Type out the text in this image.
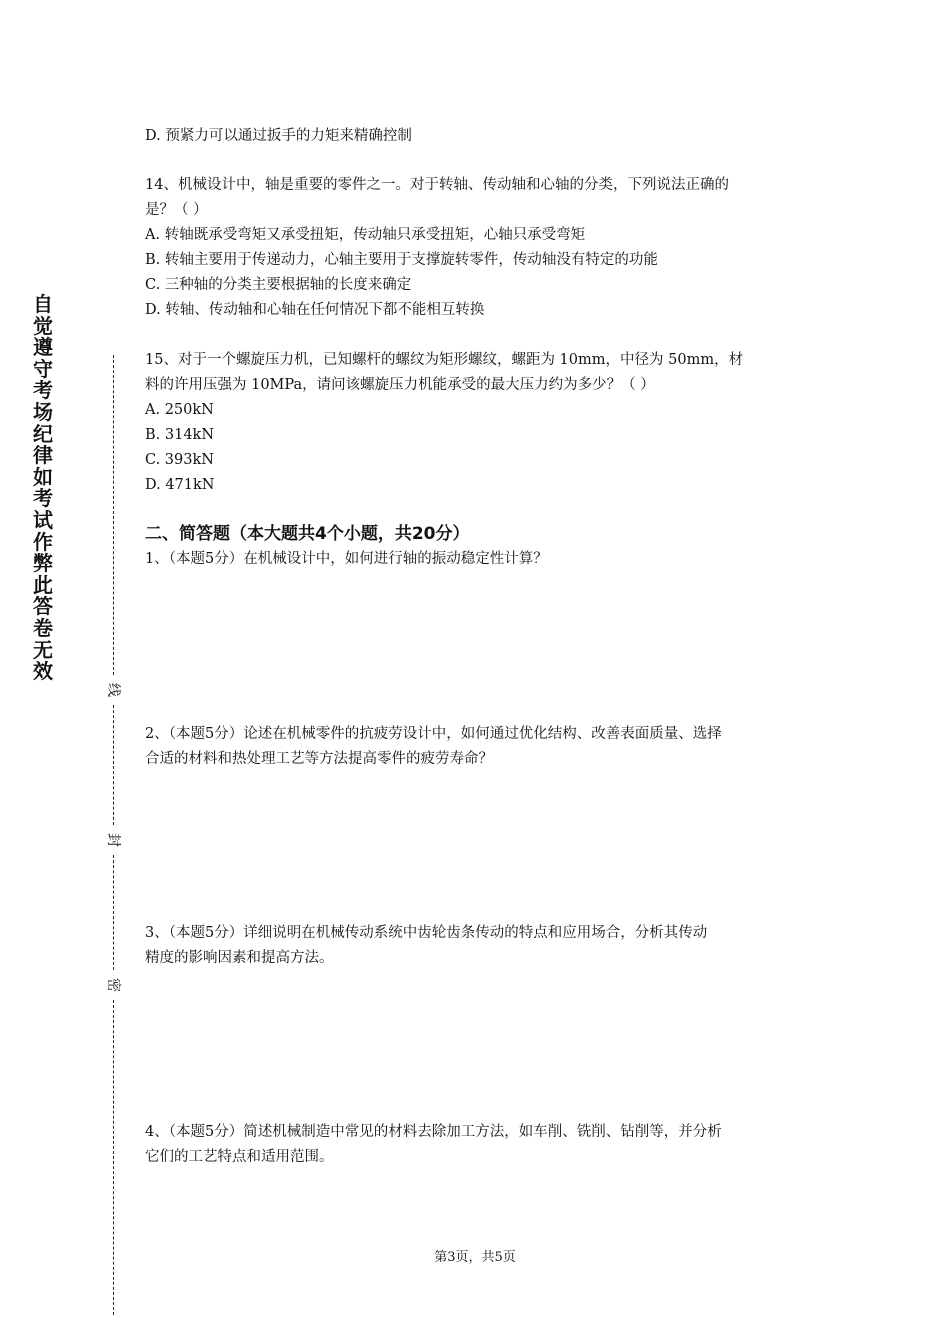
自觉遵守考场纪律如考试作弊此答卷无效
线
封
密
D. 预紧力可以通过扳手的力矩来精确控制
14、机械设计中，轴是重要的零件之一。对于转轴、传动轴和心轴的分类，下列说法正确的
是？（ ）
A. 转轴既承受弯矩又承受扭矩，传动轴只承受扭矩，心轴只承受弯矩
B. 转轴主要用于传递动力，心轴主要用于支撑旋转零件，传动轴没有特定的功能
C. 三种轴的分类主要根据轴的长度来确定
D. 转轴、传动轴和心轴在任何情况下都不能相互转换
15、对于一个螺旋压力机，已知螺杆的螺纹为矩形螺纹，螺距为 10mm，中径为 50mm，材
料的许用压强为 10MPa，请问该螺旋压力机能承受的最大压力约为多少？（ ）
A. 250kN
B. 314kN
C. 393kN
D. 471kN
二、简答题（本大题共4个小题，共20分）
1、（本题5分）在机械设计中，如何进行轴的振动稳定性计算？
2、（本题5分）论述在机械零件的抗疲劳设计中，如何通过优化结构、改善表面质量、选择
合适的材料和热处理工艺等方法提高零件的疲劳寿命？
3、（本题5分）详细说明在机械传动系统中齿轮齿条传动的特点和应用场合，分析其传动
精度的影响因素和提高方法。
4、（本题5分）简述机械制造中常见的材料去除加工方法，如车削、铣削、钻削等，并分析
它们的工艺特点和适用范围。
第3页，共5页
